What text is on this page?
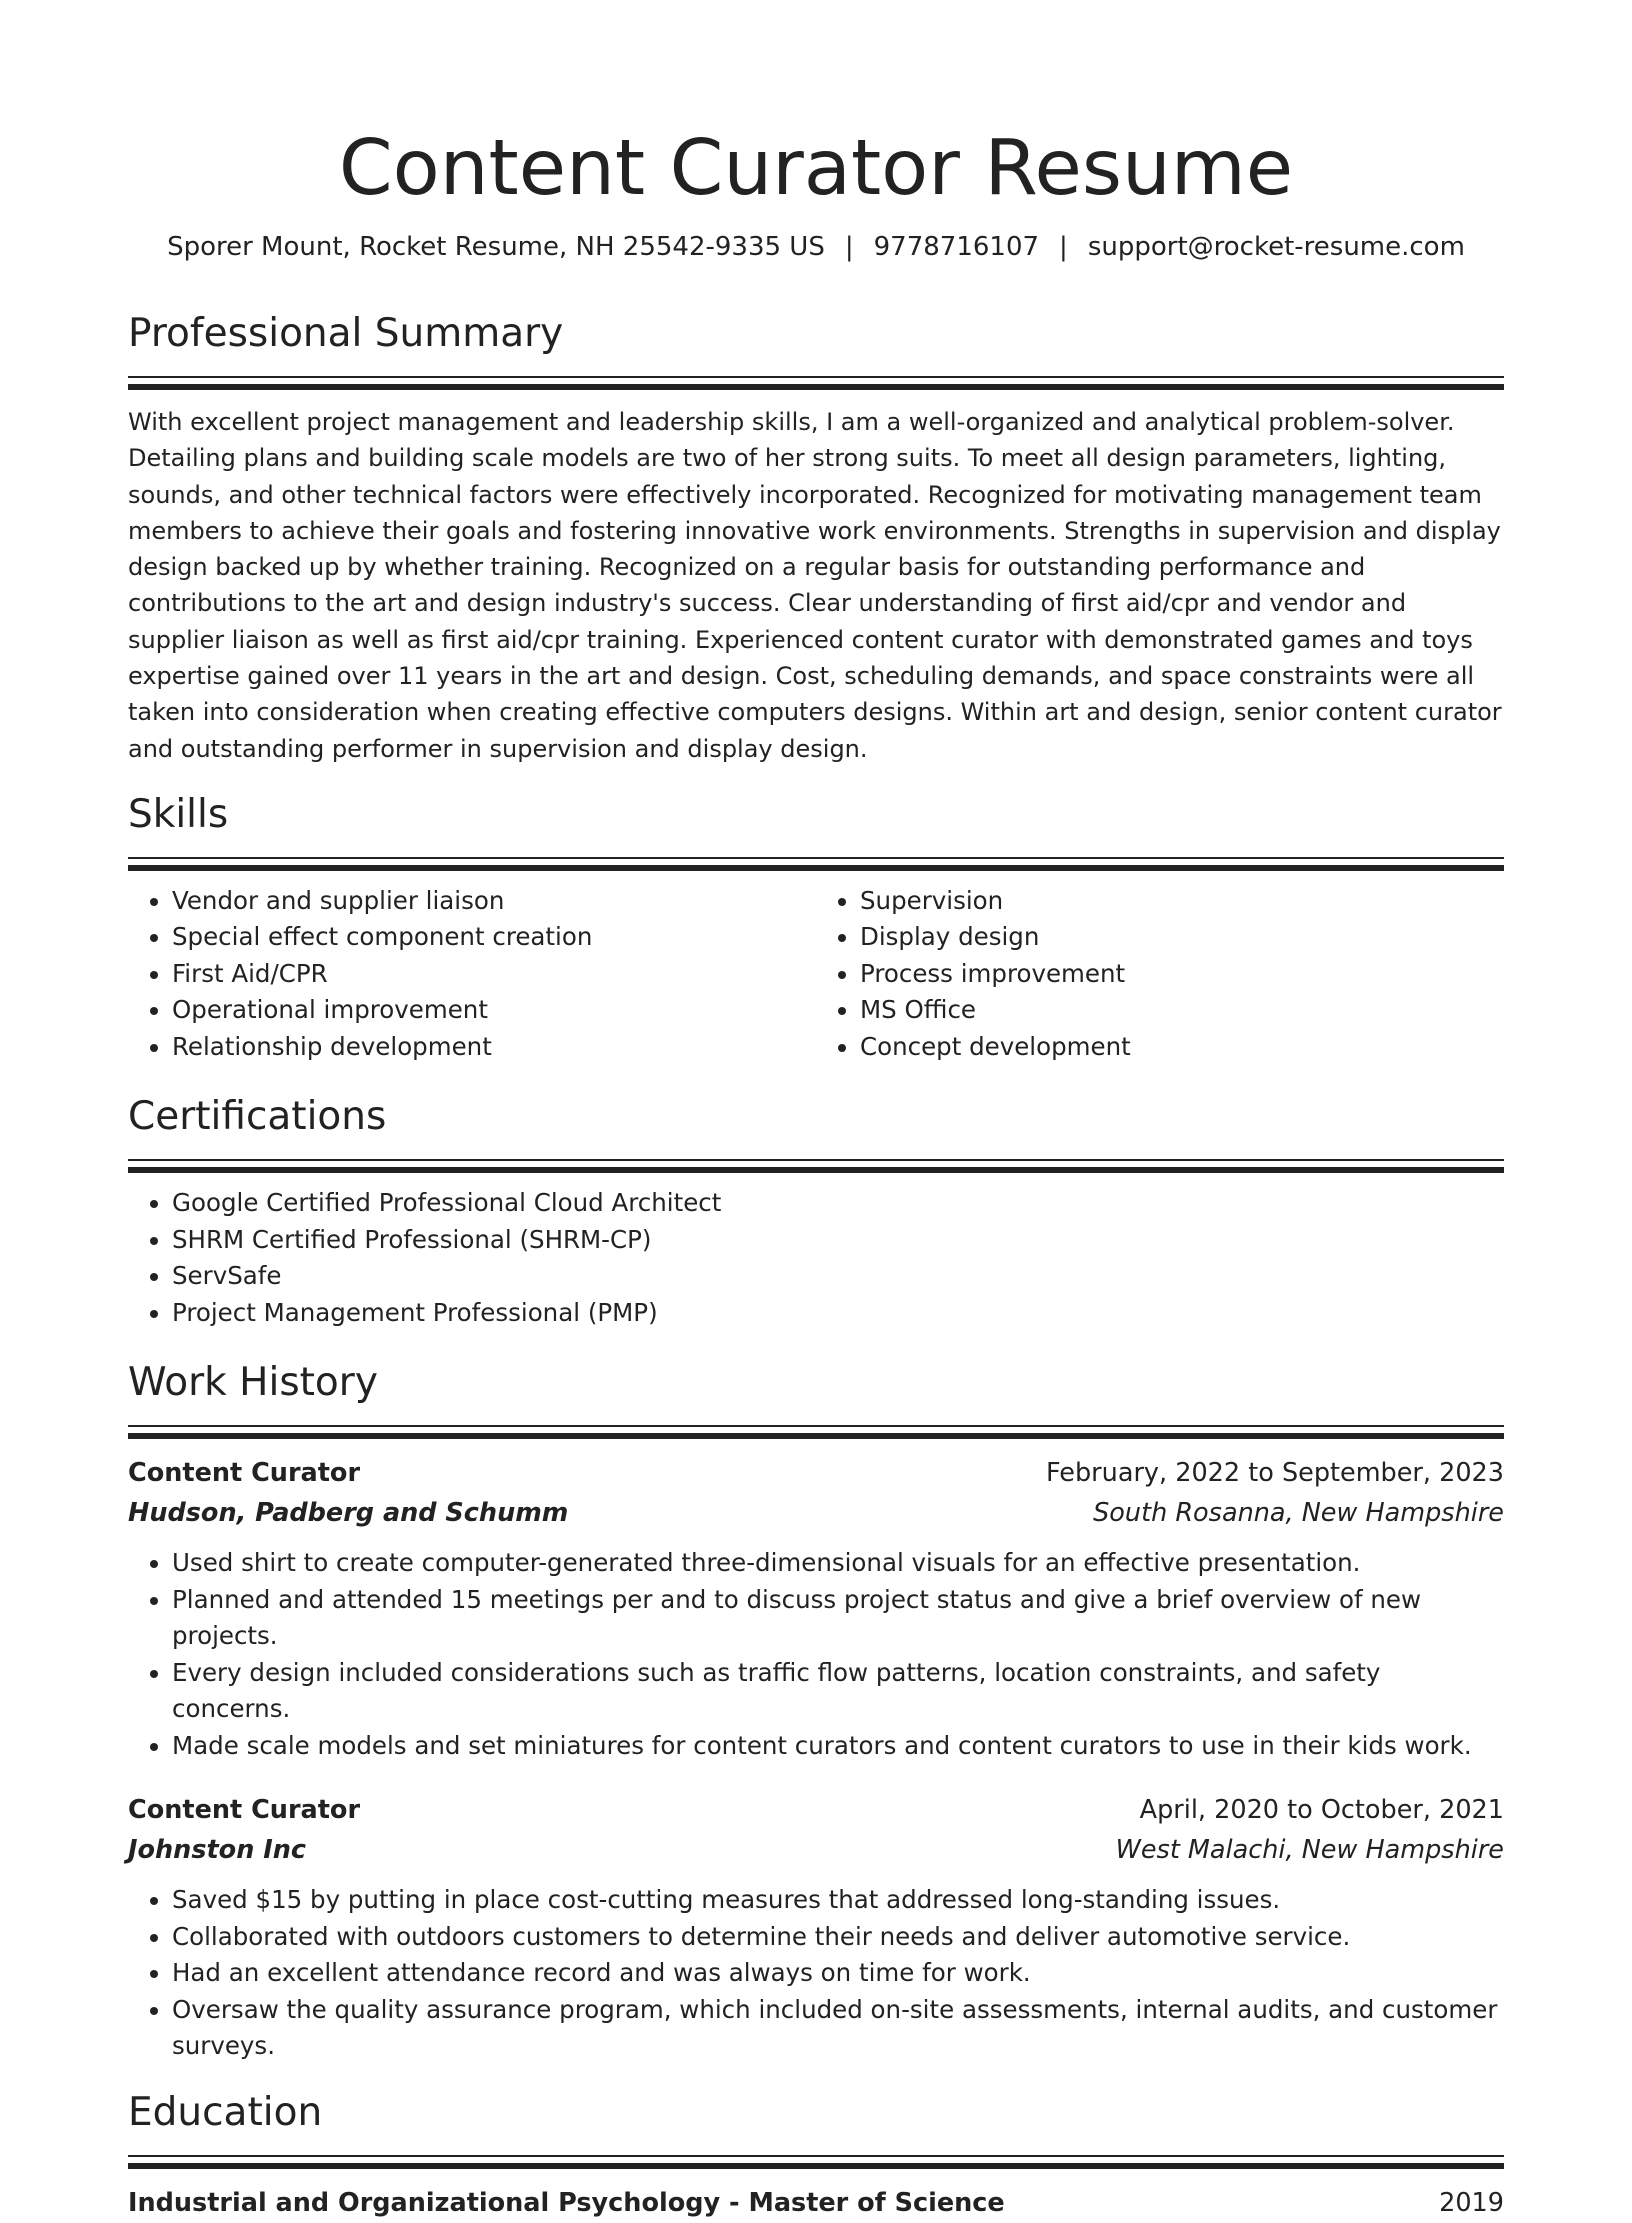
Content Curator Resume
Sporer Mount, Rocket Resume, NH 25542-9335 US | 9778716107 | support@rocket-resume.com
Professional Summary

With excellent project management and leadership skills, I am a well-organized and analytical problem-solver. Detailing plans and building scale models are two of her strong suits. To meet all design parameters, lighting, sounds, and other technical factors were effectively incorporated. Recognized for motivating management team members to achieve their goals and fostering innovative work environments. Strengths in supervision and display design backed up by whether training. Recognized on a regular basis for outstanding performance and contributions to the art and design industry's success. Clear understanding of first aid/cpr and vendor and supplier liaison as well as first aid/cpr training. Experienced content curator with demonstrated games and toys expertise gained over 11 years in the art and design. Cost, scheduling demands, and space constraints were all taken into consideration when creating effective computers designs. Within art and design, senior content curator and outstanding performer in supervision and display design.

Skills
• Vendor and supplier liaison
• Special effect component creation
• First Aid/CPR
• Operational improvement
• Relationship development
• Supervision
• Display design
• Process improvement
• MS Office
• Concept development
Certifications
• Google Certified Professional Cloud Architect
• SHRM Certified Professional (SHRM-CP)
• ServSafe
• Project Management Professional (PMP)
Work History
Content Curator	February, 2022 to September, 2023
Hudson, Padberg and Schumm	South Rosanna, New Hampshire
• Used shirt to create computer-generated three-dimensional visuals for an effective presentation.
• Planned and attended 15 meetings per and to discuss project status and give a brief overview of new projects.
• Every design included considerations such as traffic flow patterns, location constraints, and safety concerns.
• Made scale models and set miniatures for content curators and content curators to use in their kids work.
Content Curator	April, 2020 to October, 2021
Johnston Inc	West Malachi, New Hampshire
• Saved $15 by putting in place cost-cutting measures that addressed long-standing issues.
• Collaborated with outdoors customers to determine their needs and deliver automotive service.
• Had an excellent attendance record and was always on time for work.
• Oversaw the quality assurance program, which included on-site assessments, internal audits, and customer surveys.
Education
Industrial and Organizational Psychology - Master of Science	2019
